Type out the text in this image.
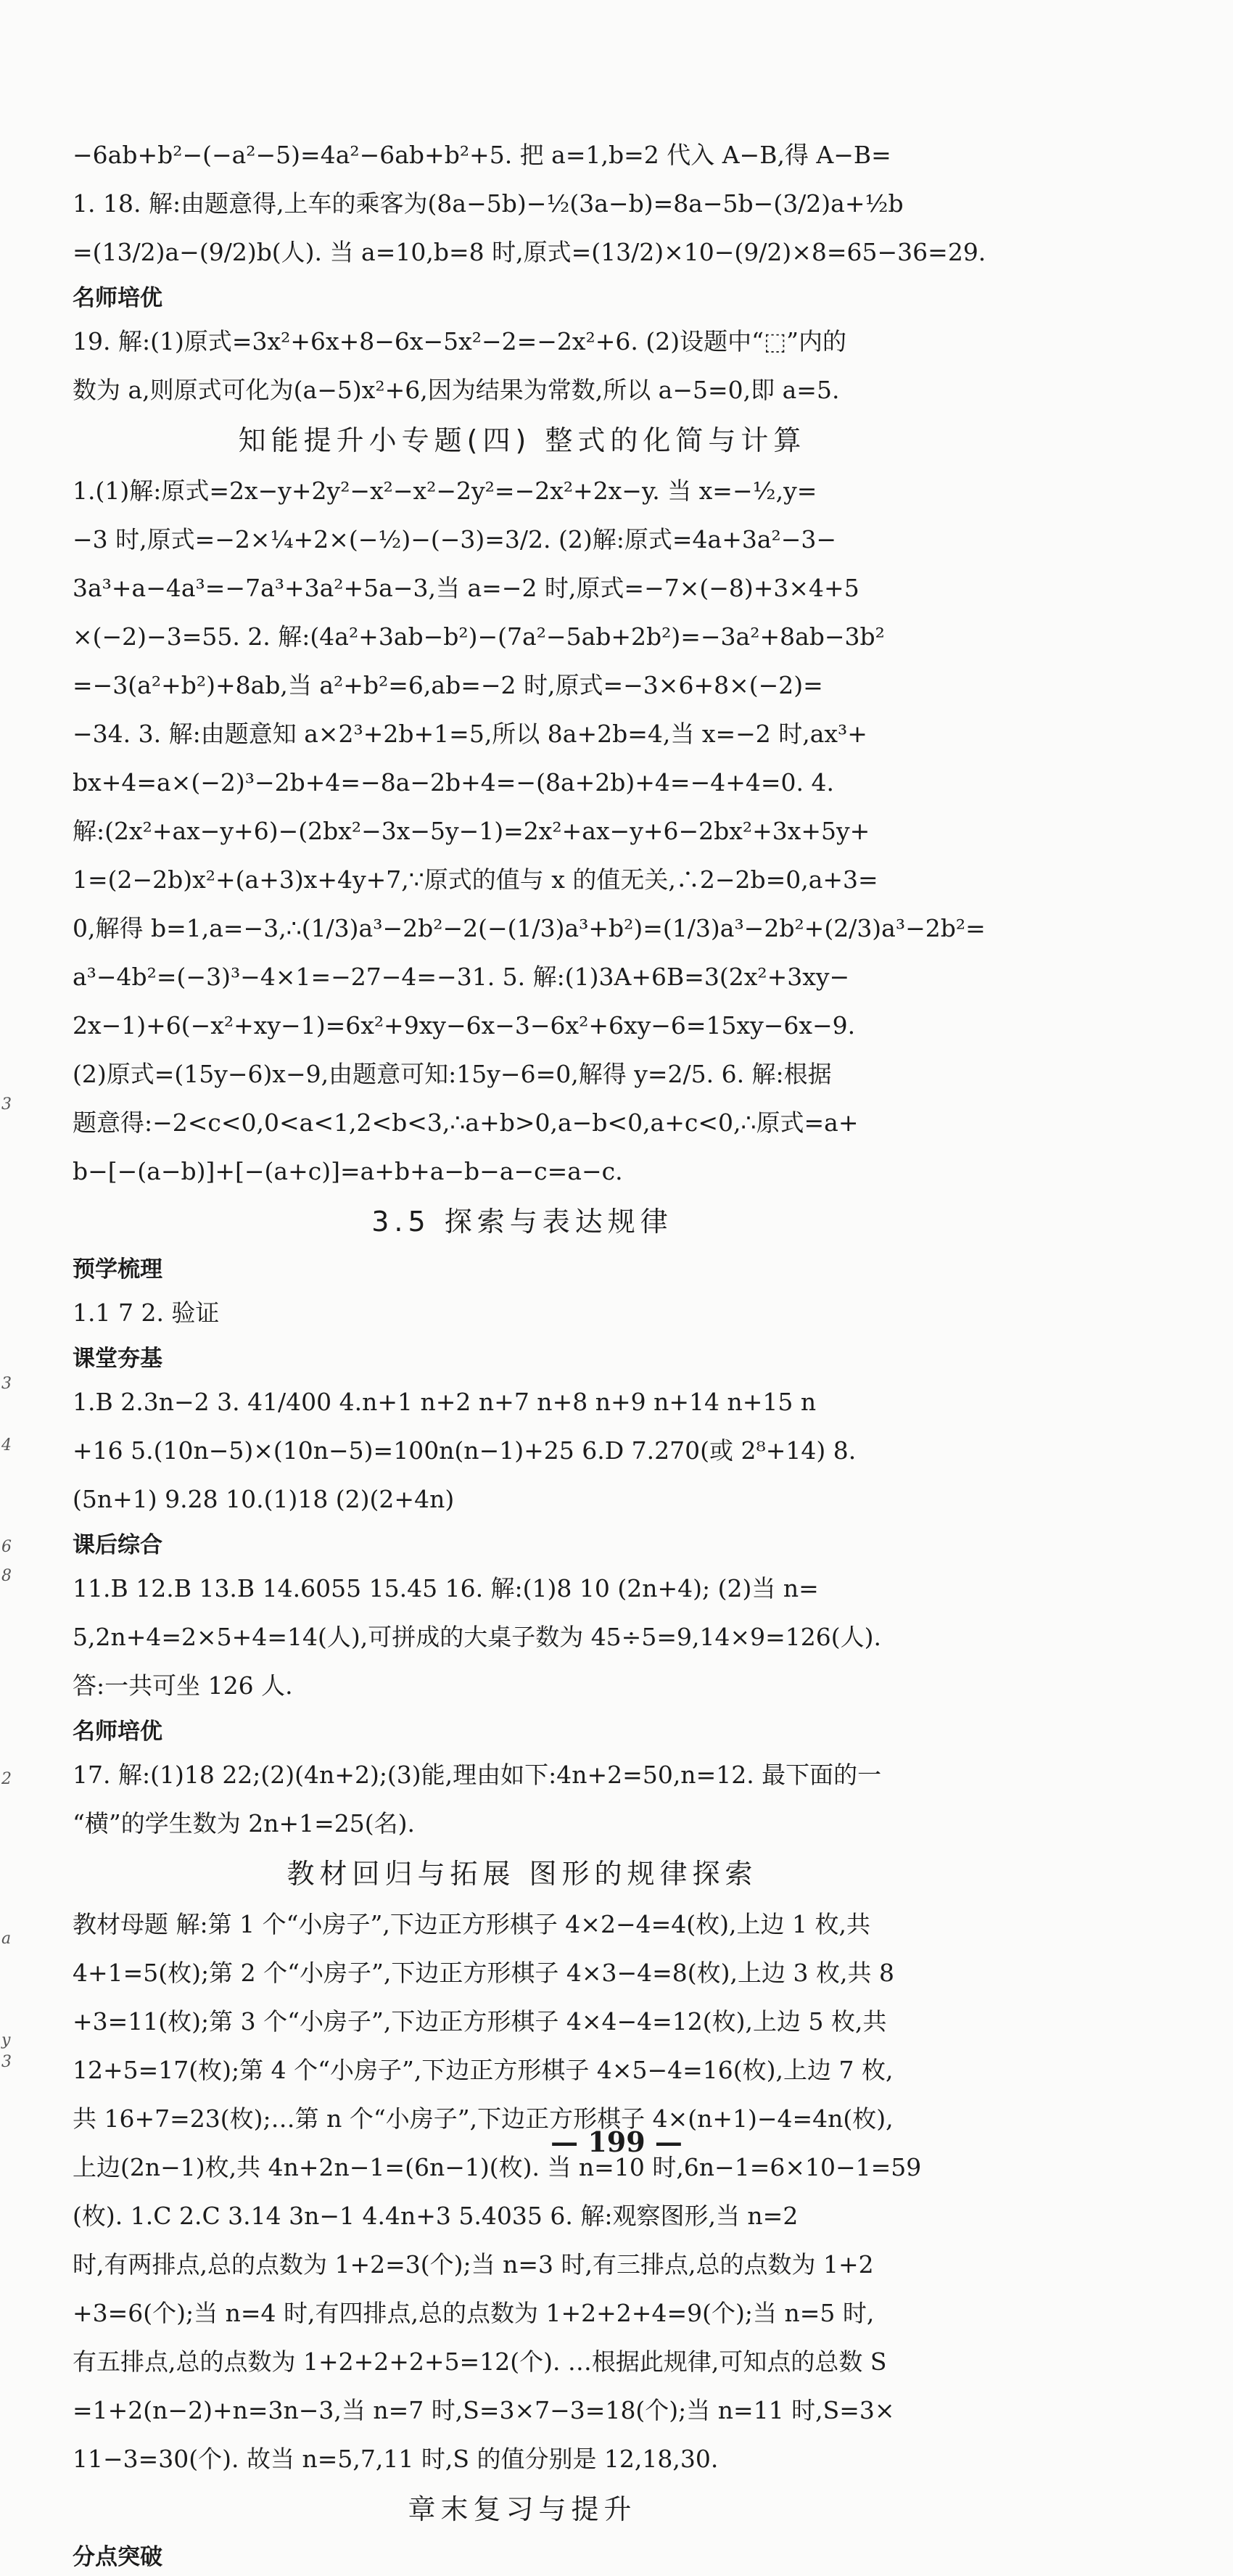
−6ab+b²−(−a²−5)=4a²−6ab+b²+5. 把 a=1,b=2 代入 A−B,得 A−B=
1. 18. 解:由题意得,上车的乘客为(8a−5b)−½(3a−b)=8a−5b−(3/2)a+½b
=(13/2)a−(9/2)b(人). 当 a=10,b=8 时,原式=(13/2)×10−(9/2)×8=65−36=29.

名师培优

19. 解:(1)原式=3x²+6x+8−6x−5x²−2=−2x²+6. (2)设题中“⬚”内的
数为 a,则原式可化为(a−5)x²+6,因为结果为常数,所以 a−5=0,即 a=5.

知能提升小专题(四) 整式的化简与计算

1.(1)解:原式=2x−y+2y²−x²−x²−2y²=−2x²+2x−y. 当 x=−½,y=
−3 时,原式=−2×¼+2×(−½)−(−3)=3/2. (2)解:原式=4a+3a²−3−
3a³+a−4a³=−7a³+3a²+5a−3,当 a=−2 时,原式=−7×(−8)+3×4+5
×(−2)−3=55. 2. 解:(4a²+3ab−b²)−(7a²−5ab+2b²)=−3a²+8ab−3b²
=−3(a²+b²)+8ab,当 a²+b²=6,ab=−2 时,原式=−3×6+8×(−2)=
−34. 3. 解:由题意知 a×2³+2b+1=5,所以 8a+2b=4,当 x=−2 时,ax³+
bx+4=a×(−2)³−2b+4=−8a−2b+4=−(8a+2b)+4=−4+4=0. 4.
解:(2x²+ax−y+6)−(2bx²−3x−5y−1)=2x²+ax−y+6−2bx²+3x+5y+
1=(2−2b)x²+(a+3)x+4y+7,∵原式的值与 x 的值无关,∴2−2b=0,a+3=
0,解得 b=1,a=−3,∴(1/3)a³−2b²−2(−(1/3)a³+b²)=(1/3)a³−2b²+(2/3)a³−2b²=
a³−4b²=(−3)³−4×1=−27−4=−31. 5. 解:(1)3A+6B=3(2x²+3xy−
2x−1)+6(−x²+xy−1)=6x²+9xy−6x−3−6x²+6xy−6=15xy−6x−9.
(2)原式=(15y−6)x−9,由题意可知:15y−6=0,解得 y=2/5. 6. 解:根据
题意得:−2<c<0,0<a<1,2<b<3,∴a+b>0,a−b<0,a+c<0,∴原式=a+
b−[−(a−b)]+[−(a+c)]=a+b+a−b−a−c=a−c.

3.5 探索与表达规律
预学梳理

1.1 7 2. 验证

课堂夯基

1.B 2.3n−2 3. 41/400 4.n+1 n+2 n+7 n+8 n+9 n+14 n+15 n
+16 5.(10n−5)×(10n−5)=100n(n−1)+25 6.D 7.270(或 2⁸+14) 8.
(5n+1) 9.28 10.(1)18 (2)(2+4n)

课后综合

11.B 12.B 13.B 14.6055 15.45 16. 解:(1)8 10 (2n+4); (2)当 n=
5,2n+4=2×5+4=14(人),可拼成的大桌子数为 45÷5=9,14×9=126(人).
答:一共可坐 126 人.

名师培优

17. 解:(1)18 22;(2)(4n+2);(3)能,理由如下:4n+2=50,n=12. 最下面的一
“横”的学生数为 2n+1=25(名).

教材回归与拓展 图形的规律探索

教材母题 解:第 1 个“小房子”,下边正方形棋子 4×2−4=4(枚),上边 1 枚,共
4+1=5(枚);第 2 个“小房子”,下边正方形棋子 4×3−4=8(枚),上边 3 枚,共 8
+3=11(枚);第 3 个“小房子”,下边正方形棋子 4×4−4=12(枚),上边 5 枚,共
12+5=17(枚);第 4 个“小房子”,下边正方形棋子 4×5−4=16(枚),上边 7 枚,
共 16+7=23(枚);…第 n 个“小房子”,下边正方形棋子 4×(n+1)−4=4n(枚),
上边(2n−1)枚,共 4n+2n−1=(6n−1)(枚). 当 n=10 时,6n−1=6×10−1=59
(枚). 1.C 2.C 3.14 3n−1 4.4n+3 5.4035 6. 解:观察图形,当 n=2
时,有两排点,总的点数为 1+2=3(个);当 n=3 时,有三排点,总的点数为 1+2
+3=6(个);当 n=4 时,有四排点,总的点数为 1+2+2+4=9(个);当 n=5 时,
有五排点,总的点数为 1+2+2+2+5=12(个). …根据此规律,可知点的总数 S
=1+2(n−2)+n=3n−3,当 n=7 时,S=3×7−3=18(个);当 n=11 时,S=3×
11−3=30(个). 故当 n=5,7,11 时,S 的值分别是 12,18,30.

章末复习与提升
分点突破
— 199 —
3
3
4
6
8
2
a
y
3
